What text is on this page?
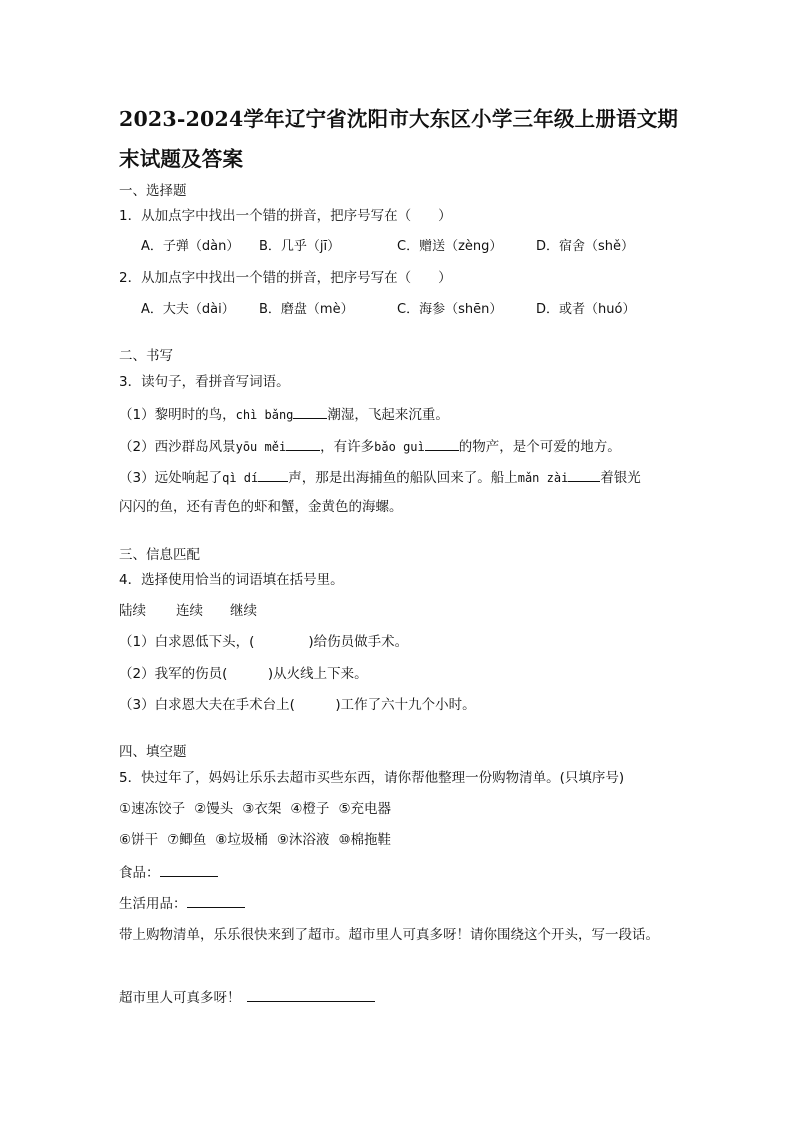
2023-2024学年辽宁省沈阳市大东区小学三年级上册语文期
末试题及答案
一、选择题
1．从加点字中找出一个错的拼音，把序号写在（　　）
A．子弹（dàn） B．几乎（jī）	C．赠送（zèng）	D．宿舍（shě）
2．从加点字中找出一个错的拼音，把序号写在（　　）
A．大夫（dài） B．磨盘（mè）	C．海参（shēn）	D．或者（huó）
二、书写
3．读句子，看拼音写词语。
（1）黎明时的鸟，chì bǎng	潮湿，飞起来沉重。
（2）西沙群岛风景yōu měi	，有许多bǎo guì	的物产，是个可爱的地方。
（3）远处响起了qì dí 声，那是出海捕鱼的船队回来了。船上mǎn zài 着银光
闪闪的鱼，还有青色的虾和蟹，金黄色的海螺。
三、信息匹配
4．选择使用恰当的词语填在括号里。
陆续 连续 继续
（1）白求恩低下头，(　　　　)给伤员做手术。
（2）我军的伤员(　　　)从火线上下来。
（3）白求恩大夫在手术台上(　　　)工作了六十九个小时。
四、填空题
5．快过年了，妈妈让乐乐去超市买些东西，请你帮他整理一份购物清单。(只填序号)
①速冻饺子 ②馒头 ③衣架 ④橙子 ⑤充电器
⑥饼干 ⑦鲫鱼 ⑧垃圾桶 ⑨沐浴液 ⑩棉拖鞋
食品：
生活用品：
带上购物清单，乐乐很快来到了超市。超市里人可真多呀！请你围绕这个开头，写一段话。
超市里人可真多呀！
